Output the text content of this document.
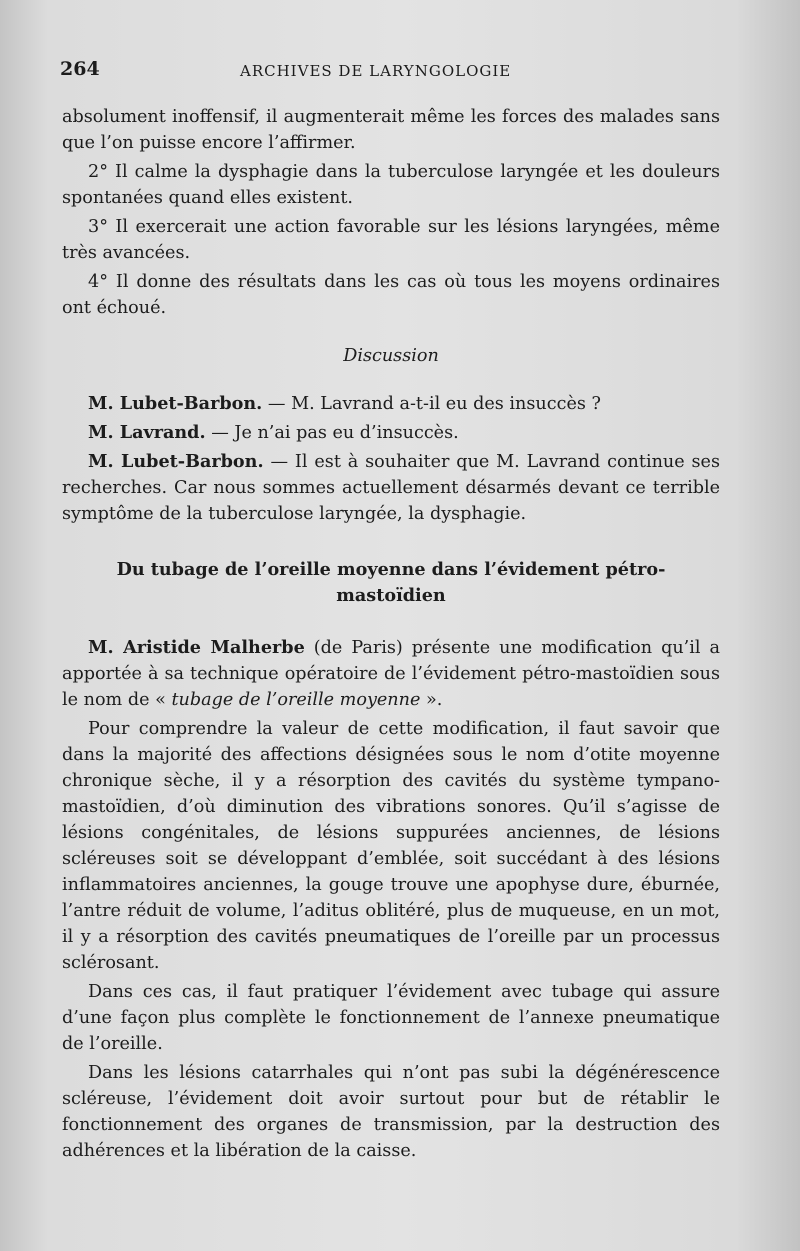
264	ARCHIVES DE LARYNGOLOGIE

absolument inoffensif, il augmenterait même les forces des malades sans que l’on puisse encore l’affirmer.

2° Il calme la dysphagie dans la tuberculose laryngée et les douleurs spontanées quand elles existent.

3° Il exercerait une action favorable sur les lésions laryngées, même très avancées.

4° Il donne des résultats dans les cas où tous les moyens ordinaires ont échoué.

Discussion

M. Lubet-Barbon. — M. Lavrand a-t-il eu des insuccès ?

M. Lavrand. — Je n’ai pas eu d’insuccès.

M. Lubet-Barbon. — Il est à souhaiter que M. Lavrand continue ses recherches. Car nous sommes actuellement désarmés devant ce terrible symptôme de la tuberculose laryngée, la dysphagie.

Du tubage de l’oreille moyenne dans l’évidement pétro-mastoïdien

M. Aristide Malherbe (de Paris) présente une modification qu’il a apportée à sa technique opératoire de l’évidement pétro-mastoïdien sous le nom de « tubage de l’oreille moyenne ».

Pour comprendre la valeur de cette modification, il faut savoir que dans la majorité des affections désignées sous le nom d’otite moyenne chronique sèche, il y a résorption des cavités du système tympano-mastoïdien, d’où diminution des vibrations sonores. Qu’il s’agisse de lésions congénitales, de lésions suppurées anciennes, de lésions scléreuses soit se développant d’emblée, soit succédant à des lésions inflammatoires anciennes, la gouge trouve une apophyse dure, éburnée, l’antre réduit de volume, l’aditus oblitéré, plus de muqueuse, en un mot, il y a résorption des cavités pneumatiques de l’oreille par un processus sclérosant.

Dans ces cas, il faut pratiquer l’évidement avec tubage qui assure d’une façon plus complète le fonctionnement de l’annexe pneumatique de l’oreille.

Dans les lésions catarrhales qui n’ont pas subi la dégénérescence scléreuse, l’évidement doit avoir surtout pour but de rétablir le fonctionnement des organes de transmission, par la destruction des adhérences et la libération de la caisse.
